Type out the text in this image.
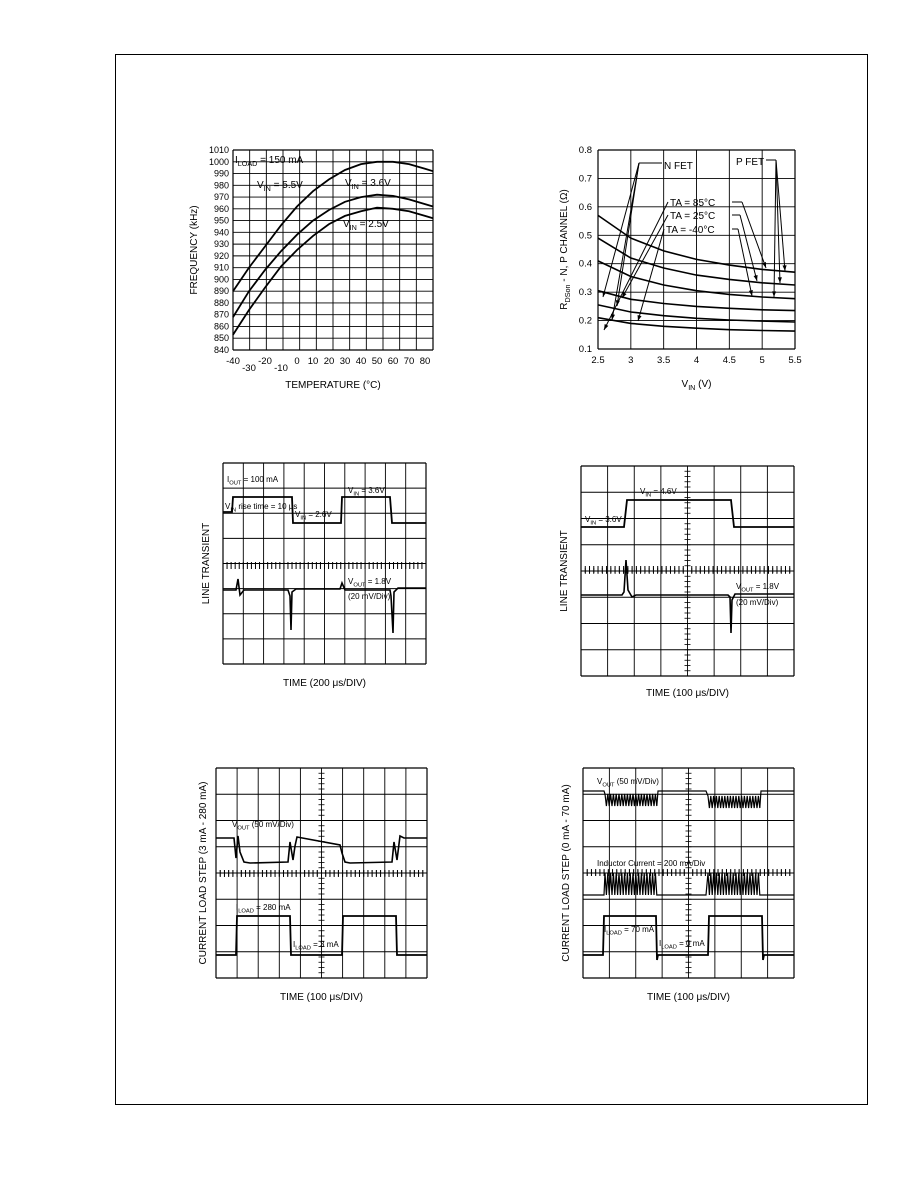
1010
1000
990
980
970
960
950
940
930
920
910
900
890
880
870
860
850
840
-40
-30
-20
-10
0 10 20 30 40 50 60 70 80
TEMPERATURE (°C)
FREQUENCY (kHz)
$I_{LOAD} = 150$ mA
$V_{IN} = 5.5V$	$V_{IN} = 3.6V$
$V_{IN} = 2.5V$
0.8
0.7
0.6
0.5
0.4
0.3
0.2
0.1
2.5 3 3.5 4 4.5 5 5.5
$V_{IN}$ (V)
$R_{DSon}$ - N, P CHANNEL (Ω)
N FET	P FET
TA = 85°C
TA = 25°C
TA = -40°C
LINE TRANSIENT
TIME (200 μs/DIV)
$I_{OUT} = 100$ mA
$V_{IN}$ rise time = 10 μs
$V_{IN} = 2.6V$
$V_{IN} = 3.6V$
$V_{OUT} = 1.8V$
(20 mV/Div)	LINE TRANSIENT
TIME (100 μs/DIV)
$V_{IN} = 3.6V$
$V_{IN} = 4.6V$
$V_{OUT} = 1.8V$
(20 mV/Div)
CURRENT LOAD STEP (3 mA - 280 mA)
TIME (100 μs/DIV)
$V_{OUT}$ (50 mV/Div)
$I_{LOAD} = 280$ mA
$I_{LOAD} = 3$ mA	CURRENT LOAD STEP (0 mA - 70 mA)
TIME (100 μs/DIV)
$V_{OUT}$ (50 mV/Div)
Inductor Current = 200 mA/Div
$I_{LOAD} = 70$ mA
$I_{LOAD} = 0$ mA
